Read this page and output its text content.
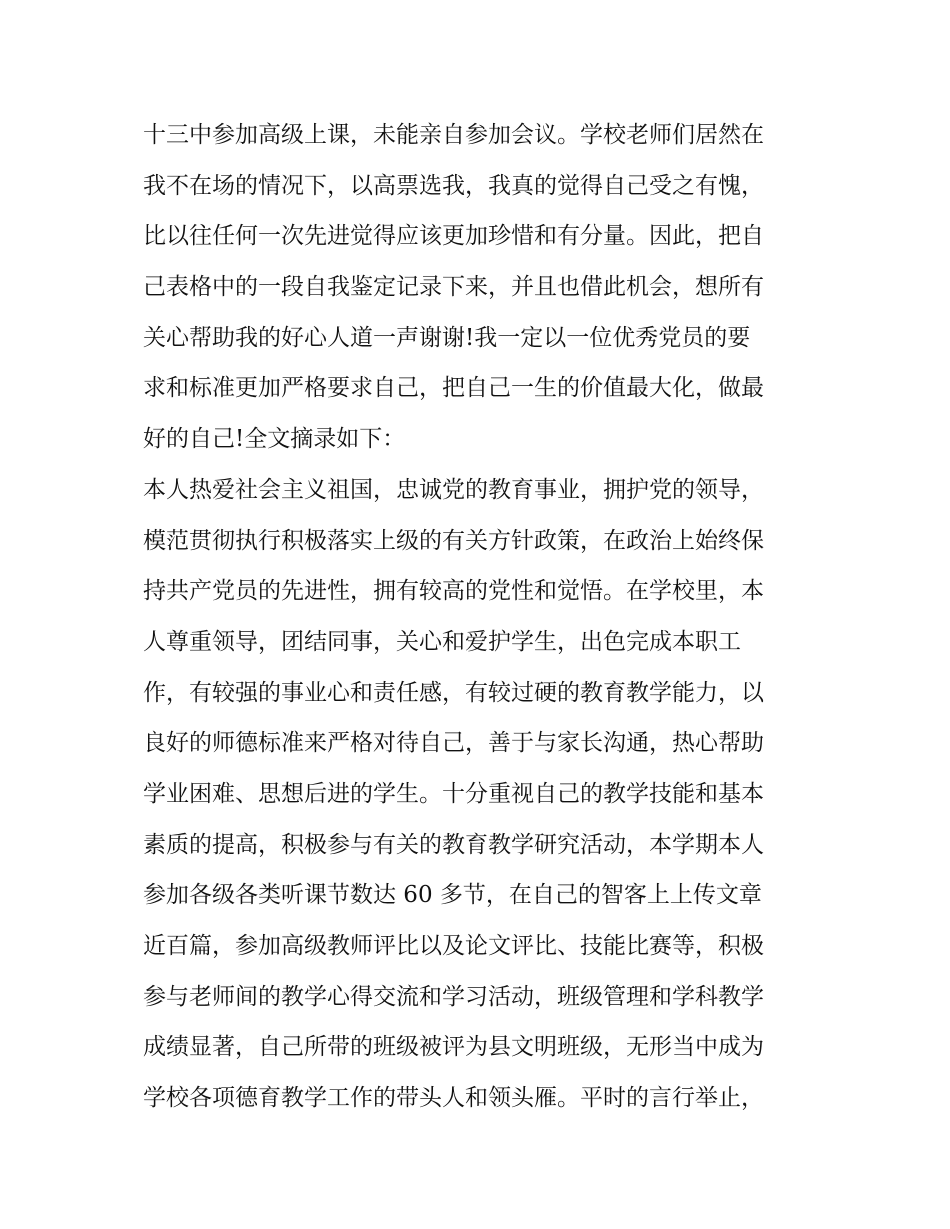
十三中参加高级上课，未能亲自参加会议。学校老师们居然在
我不在场的情况下，以高票选我，我真的觉得自己受之有愧，
比以往任何一次先进觉得应该更加珍惜和有分量。因此，把自
己表格中的一段自我鉴定记录下来，并且也借此机会，想所有
关心帮助我的好心人道一声谢谢!我一定以一位优秀党员的要
求和标准更加严格要求自己，把自己一生的价值最大化，做最
好的自己!全文摘录如下：
本人热爱社会主义祖国，忠诚党的教育事业，拥护党的领导，
模范贯彻执行积极落实上级的有关方针政策，在政治上始终保
持共产党员的先进性，拥有较高的党性和觉悟。在学校里，本
人尊重领导，团结同事，关心和爱护学生，出色完成本职工
作，有较强的事业心和责任感，有较过硬的教育教学能力，以
良好的师德标准来严格对待自己，善于与家长沟通，热心帮助
学业困难、思想后进的学生。十分重视自己的教学技能和基本
素质的提高，积极参与有关的教育教学研究活动，本学期本人
参加各级各类听课节数达 60 多节，在自己的智客上上传文章
近百篇，参加高级教师评比以及论文评比、技能比赛等，积极
参与老师间的教学心得交流和学习活动，班级管理和学科教学
成绩显著，自己所带的班级被评为县文明班级，无形当中成为
学校各项德育教学工作的带头人和领头雁。平时的言行举止，
